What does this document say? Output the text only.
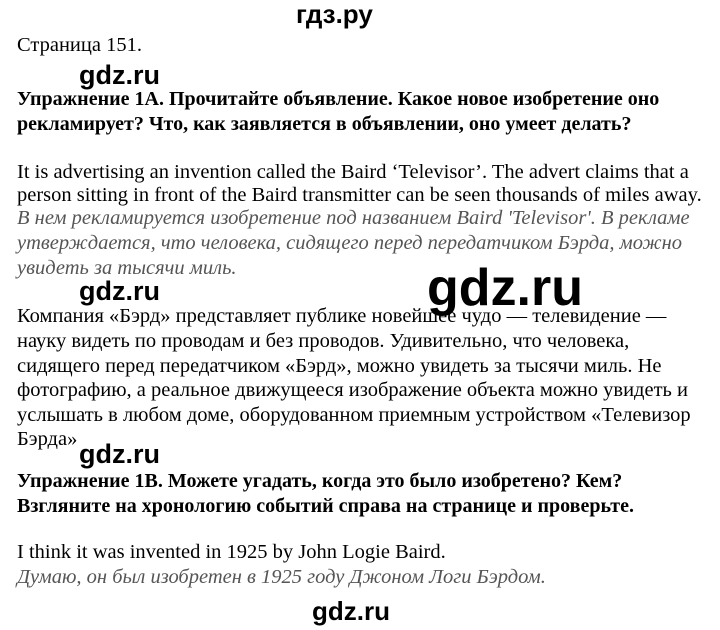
гдз.ру
Страница 151.
gdz.ru
Упражнение 1A. Прочитайте объявление. Какое новое изобретение оно
рекламирует? Что, как заявляется в объявлении, оно умеет делать?
It is advertising an invention called the Baird ‘Televisor’. The advert claims that a
person sitting in front of the Baird transmitter can be seen thousands of miles away.
В нем рекламируется изобретение под названием Baird 'Televisor'. В рекламе
утверждается, что человека, сидящего перед передатчиком Бэрда, можно
увидеть за тысячи миль.	gdz.ru
gdz.ru
Компания «Бэрд» представляет публике новейшее чудо — телевидение —
науку видеть по проводам и без проводов. Удивительно, что человека,
сидящего перед передатчиком «Бэрд», можно увидеть за тысячи миль. Не
фотографию, а реальное движущееся изображение объекта можно увидеть и
услышать в любом доме, оборудованном приемным устройством «Телевизор
Бэрда» gdz.ru
Упражнение 1B. Можете угадать, когда это было изобретено? Кем?
Взгляните на хронологию событий справа на странице и проверьте.
I think it was invented in 1925 by John Logie Baird.
Думаю, он был изобретен в 1925 году Джоном Логи Бэрдом.
gdz.ru
